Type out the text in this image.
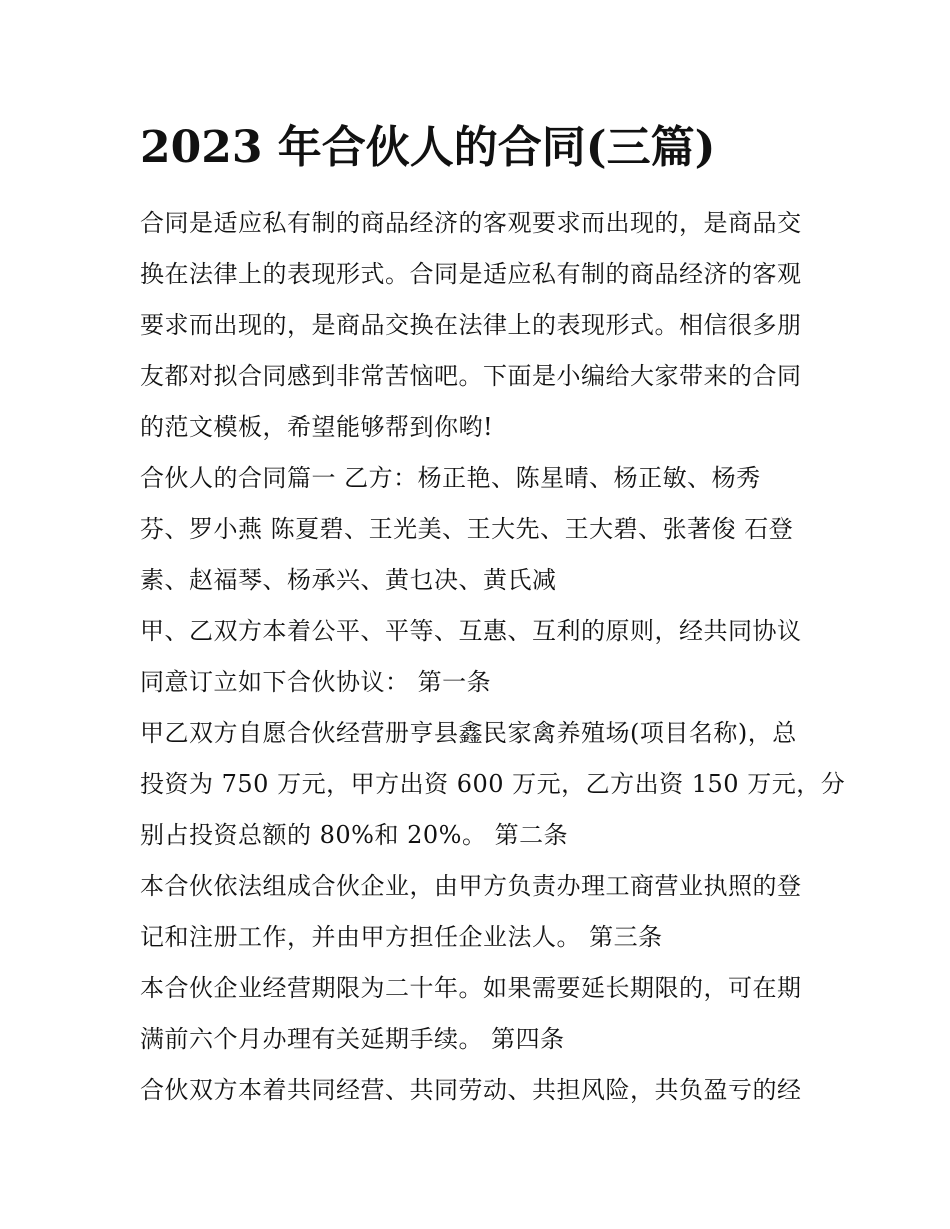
2023 年合伙人的合同(三篇)
合同是适应私有制的商品经济的客观要求而出现的，是商品交
换在法律上的表现形式。合同是适应私有制的商品经济的客观
要求而出现的，是商品交换在法律上的表现形式。相信很多朋
友都对拟合同感到非常苦恼吧。下面是小编给大家带来的合同
的范文模板，希望能够帮到你哟!
合伙人的合同篇一 乙方：杨正艳、陈星晴、杨正敏、杨秀
芬、罗小燕 陈夏碧、王光美、王大先、王大碧、张著俊 石登
素、赵福琴、杨承兴、黄乜决、黄氏减
甲、乙双方本着公平、平等、互惠、互利的原则，经共同协议
同意订立如下合伙协议： 第一条
甲乙双方自愿合伙经营册亨县鑫民家禽养殖场(项目名称)，总
投资为 750 万元，甲方出资 600 万元，乙方出资 150 万元，分
别占投资总额的 80%和 20%。 第二条
本合伙依法组成合伙企业，由甲方负责办理工商营业执照的登
记和注册工作，并由甲方担任企业法人。 第三条
本合伙企业经营期限为二十年。如果需要延长期限的，可在期
满前六个月办理有关延期手续。 第四条
合伙双方本着共同经营、共同劳动、共担风险，共负盈亏的经
